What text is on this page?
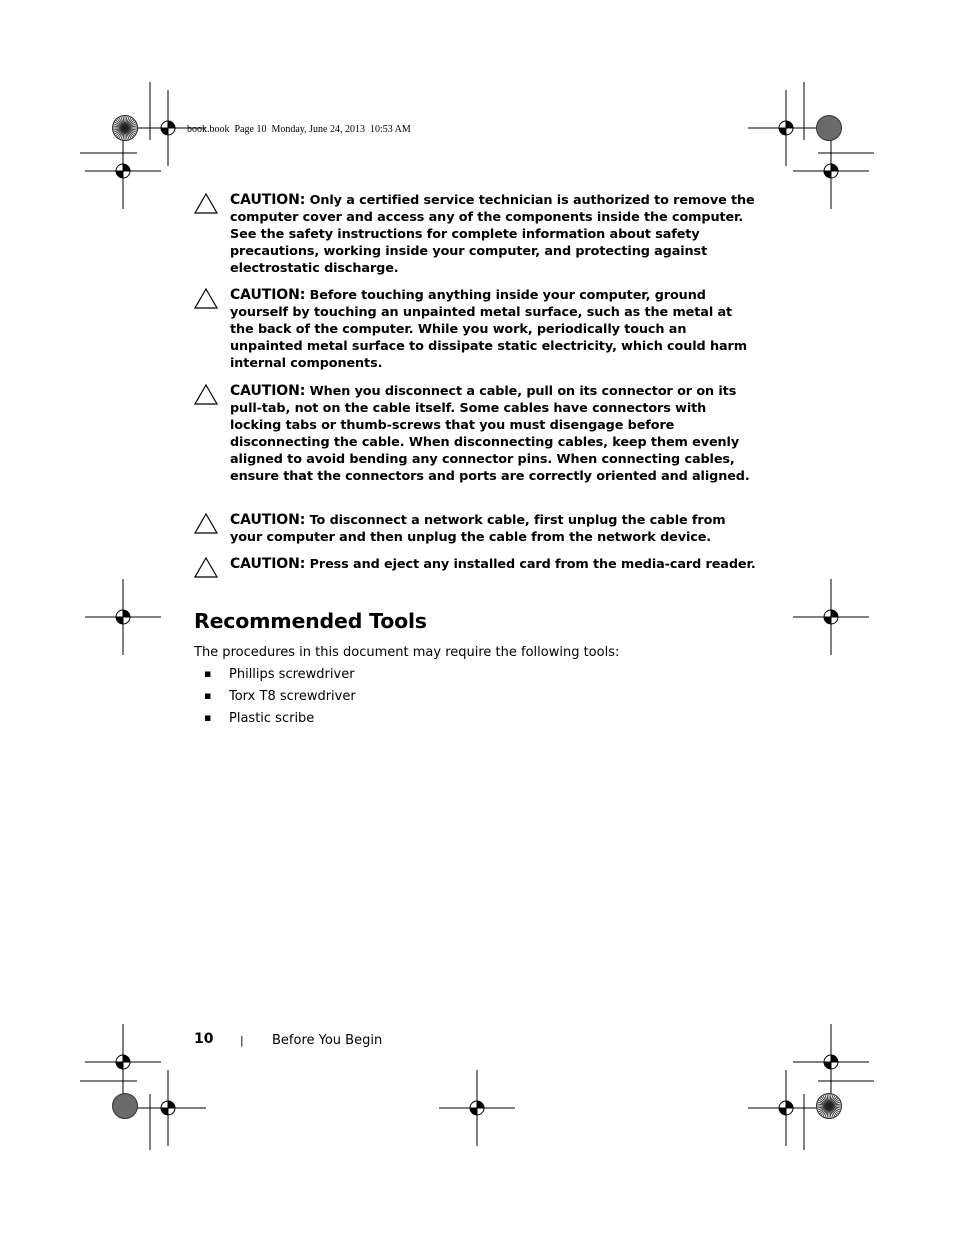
book.book  Page 10  Monday, June 24, 2013  10:53 AM
CAUTION: Only a certified service technician is authorized to remove the computer cover and access any of the components inside the computer. See the safety instructions for complete information about safety precautions, working inside your computer, and protecting against electrostatic discharge.
CAUTION: Before touching anything inside your computer, ground yourself by touching an unpainted metal surface, such as the metal at the back of the computer. While you work, periodically touch an unpainted metal surface to dissipate static electricity, which could harm internal components.
CAUTION: When you disconnect a cable, pull on its connector or on its pull-tab, not on the cable itself. Some cables have connectors with locking tabs or thumb-screws that you must disengage before disconnecting the cable. When disconnecting cables, keep them evenly aligned to avoid bending any connector pins. When connecting cables, ensure that the connectors and ports are correctly oriented and aligned.
CAUTION: To disconnect a network cable, first unplug the cable from your computer and then unplug the cable from the network device.
CAUTION: Press and eject any installed card from the media-card reader.
Recommended Tools
The procedures in this document may require the following tools:
▪	Phillips screwdriver
▪	Torx T8 screwdriver
▪	Plastic scribe
10 | Before You Begin
